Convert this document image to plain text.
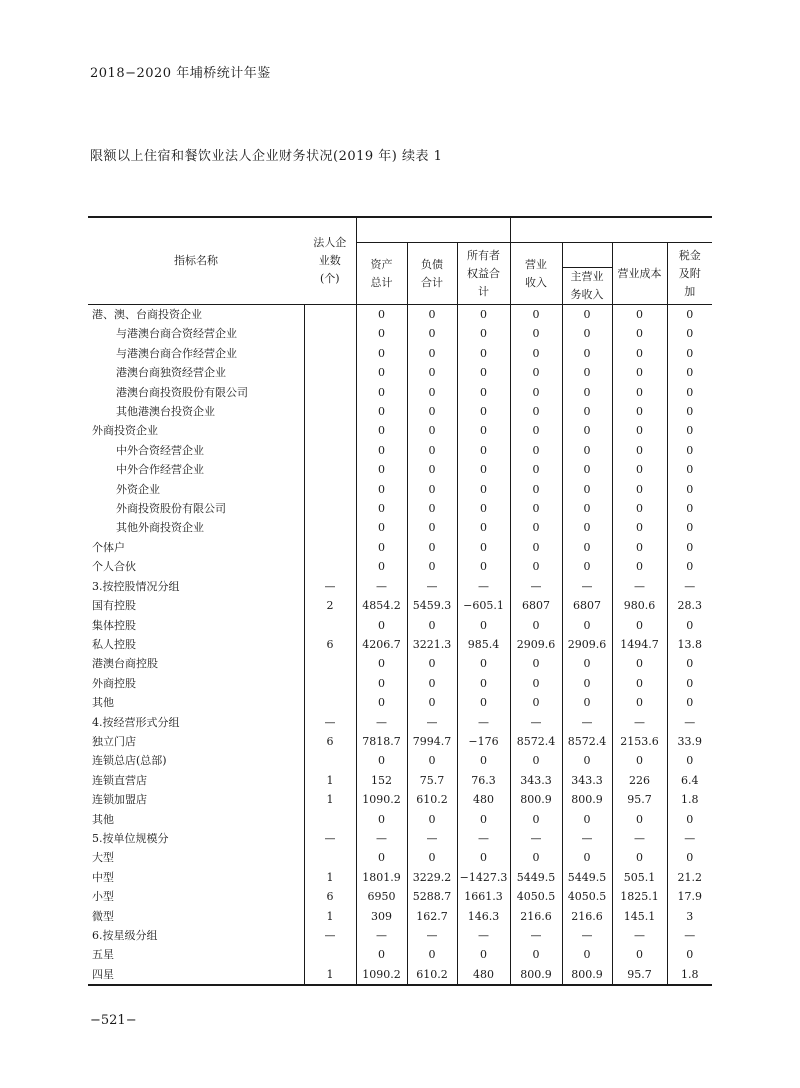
2018−2020 年埔桥统计年鉴
限额以上住宿和餐饮业法人企业财务状况(2019 年) 续表 1
指标名称	法人企业数(个)							
		资产总计	负债合计	所有者权益合计	营业收入		营业成本	税金及附加
						主营业务收入		

港、澳、台商投资企业		0	0	0	0	0	0	0
与港澳台商合资经营企业		0	0	0	0	0	0	0
与港澳台商合作经营企业		0	0	0	0	0	0	0
港澳台商独资经营企业		0	0	0	0	0	0	0
港澳台商投资股份有限公司		0	0	0	0	0	0	0
其他港澳台投资企业		0	0	0	0	0	0	0
外商投资企业		0	0	0	0	0	0	0
中外合资经营企业		0	0	0	0	0	0	0
中外合作经营企业		0	0	0	0	0	0	0
外资企业		0	0	0	0	0	0	0
外商投资股份有限公司		0	0	0	0	0	0	0
其他外商投资企业		0	0	0	0	0	0	0
个体户		0	0	0	0	0	0	0
个人合伙		0	0	0	0	0	0	0
3.按控股情况分组	—	—	—	—	—	—	—	—
国有控股	2	4854.2	5459.3	−605.1	6807	6807	980.6	28.3
集体控股		0	0	0	0	0	0	0
私人控股	6	4206.7	3221.3	985.4	2909.6	2909.6	1494.7	13.8
港澳台商控股		0	0	0	0	0	0	0
外商控股		0	0	0	0	0	0	0
其他		0	0	0	0	0	0	0
4.按经营形式分组	—	—	—	—	—	—	—	—
独立门店	6	7818.7	7994.7	−176	8572.4	8572.4	2153.6	33.9
连锁总店(总部)		0	0	0	0	0	0	0
连锁直营店	1	152	75.7	76.3	343.3	343.3	226	6.4
连锁加盟店	1	1090.2	610.2	480	800.9	800.9	95.7	1.8
其他		0	0	0	0	0	0	0
5.按单位规模分	—	—	—	—	—	—	—	—
大型		0	0	0	0	0	0	0
中型	1	1801.9	3229.2	−1427.3	5449.5	5449.5	505.1	21.2
小型	6	6950	5288.7	1661.3	4050.5	4050.5	1825.1	17.9
微型	1	309	162.7	146.3	216.6	216.6	145.1	3
6.按星级分组	—	—	—	—	—	—	—	—
五星		0	0	0	0	0	0	0
四星	1	1090.2	610.2	480	800.9	800.9	95.7	1.8
−521−
